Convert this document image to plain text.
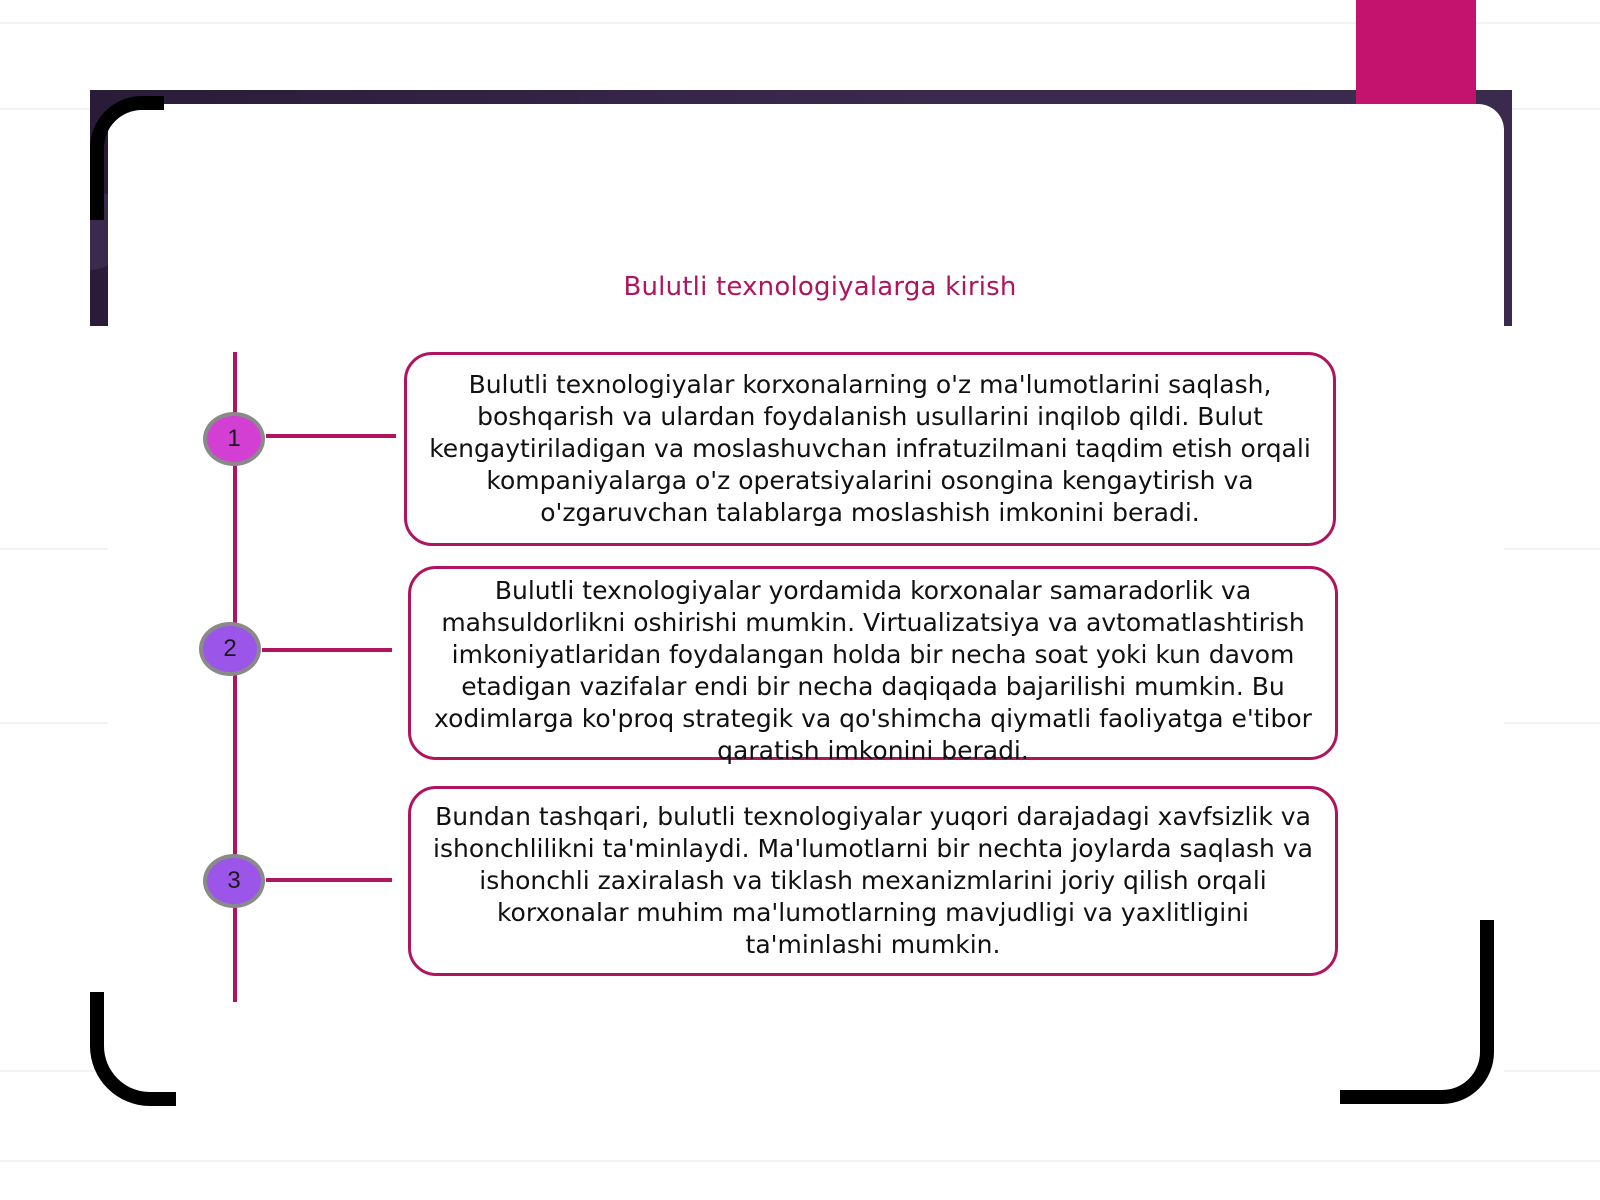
Bulutli texnologiyalarga kirish
1
2
3
Bulutli texnologiyalar korxonalarning o'z ma'lumotlarini saqlash, boshqarish va ulardan foydalanish usullarini inqilob qildi. Bulut kengaytiriladigan va moslashuvchan infratuzilmani taqdim etish orqali kompaniyalarga o'z operatsiyalarini osongina kengaytirish va o'zgaruvchan talablarga moslashish imkonini beradi.
Bulutli texnologiyalar yordamida korxonalar samaradorlik va mahsuldorlikni oshirishi mumkin. Virtualizatsiya va avtomatlashtirish imkoniyatlaridan foydalangan holda bir necha soat yoki kun davom etadigan vazifalar endi bir necha daqiqada bajarilishi mumkin. Bu xodimlarga ko'proq strategik va qo'shimcha qiymatli faoliyatga e'tibor qaratish imkonini beradi.
Bundan tashqari, bulutli texnologiyalar yuqori darajadagi xavfsizlik va ishonchlilikni ta'minlaydi. Ma'lumotlarni bir nechta joylarda saqlash va ishonchli zaxiralash va tiklash mexanizmlarini joriy qilish orqali korxonalar muhim ma'lumotlarning mavjudligi va yaxlitligini ta'minlashi mumkin.
